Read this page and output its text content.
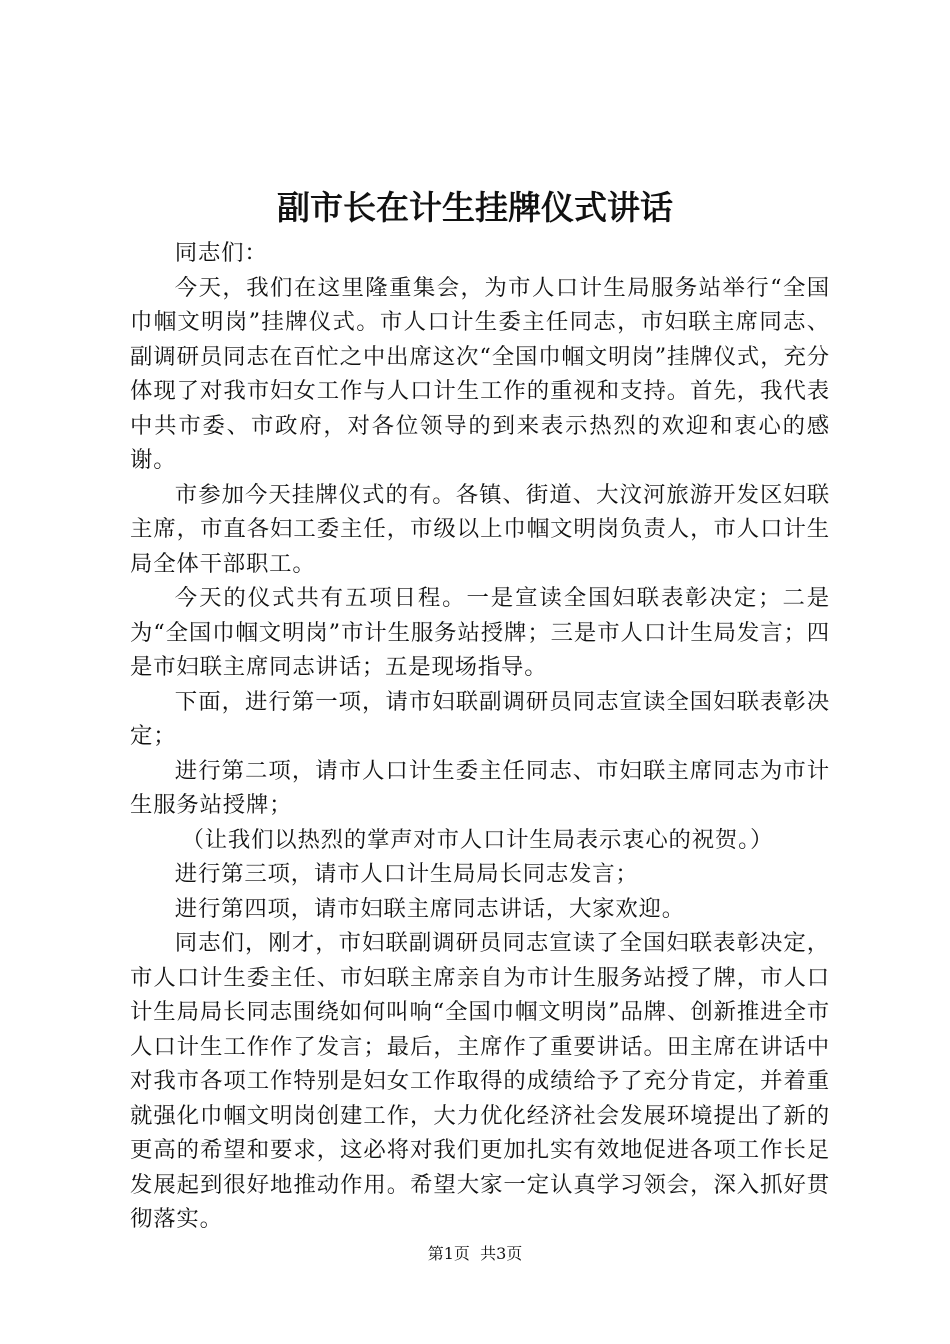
副市长在计生挂牌仪式讲话

同志们：

今天，我们在这里隆重集会，为市人口计生局服务站举行“全国巾帼文明岗”挂牌仪式。市人口计生委主任同志，市妇联主席同志、副调研员同志在百忙之中出席这次“全国巾帼文明岗”挂牌仪式，充分体现了对我市妇女工作与人口计生工作的重视和支持。首先，我代表中共市委、市政府，对各位领导的到来表示热烈的欢迎和衷心的感谢。

市参加今天挂牌仪式的有。各镇、街道、大汶河旅游开发区妇联主席，市直各妇工委主任，市级以上巾帼文明岗负责人，市人口计生局全体干部职工。

今天的仪式共有五项日程。一是宣读全国妇联表彰决定；二是为“全国巾帼文明岗”市计生服务站授牌；三是市人口计生局发言；四是市妇联主席同志讲话；五是现场指导。

下面，进行第一项，请市妇联副调研员同志宣读全国妇联表彰决定；

进行第二项，请市人口计生委主任同志、市妇联主席同志为市计生服务站授牌；

（让我们以热烈的掌声对市人口计生局表示衷心的祝贺。）

进行第三项，请市人口计生局局长同志发言；

进行第四项，请市妇联主席同志讲话，大家欢迎。

同志们，刚才，市妇联副调研员同志宣读了全国妇联表彰决定，市人口计生委主任、市妇联主席亲自为市计生服务站授了牌，市人口计生局局长同志围绕如何叫响“全国巾帼文明岗”品牌、创新推进全市人口计生工作作了发言；最后，主席作了重要讲话。田主席在讲话中对我市各项工作特别是妇女工作取得的成绩给予了充分肯定，并着重就强化巾帼文明岗创建工作，大力优化经济社会发展环境提出了新的更高的希望和要求，这必将对我们更加扎实有效地促进各项工作长足发展起到很好地推动作用。希望大家一定认真学习领会，深入抓好贯彻落实。

第1页  共3页
